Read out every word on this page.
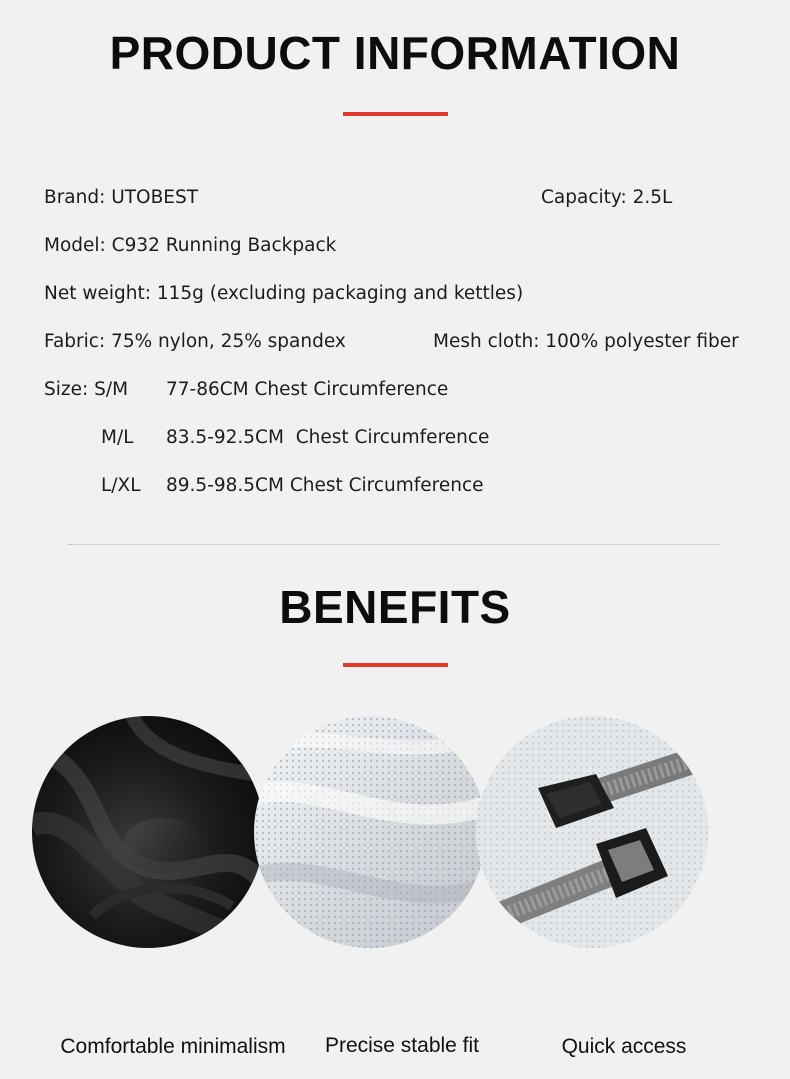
PRODUCT INFORMATION
Brand: UTOBEST	Capacity: 2.5L
Model: C932 Running Backpack
Net weight: 115g (excluding packaging and kettles)
Fabric: 75% nylon, 25% spandex	Mesh cloth: 100% polyester fiber
Size: S/M 77-86CM Chest Circumference
M/L 83.5-92.5CM  Chest Circumference
L/XL 89.5-98.5CM Chest Circumference
BENEFITS
Comfortable minimalism	Precise stable fit	Quick access
